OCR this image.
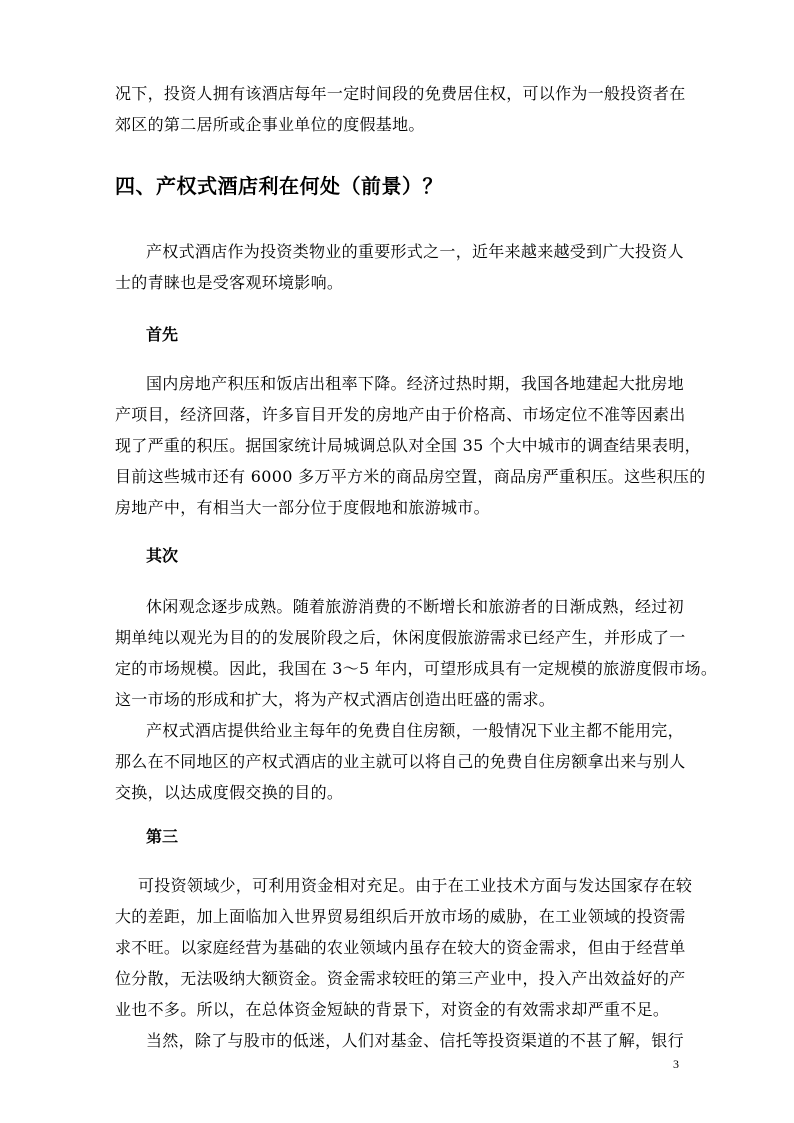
况下，投资人拥有该酒店每年一定时间段的免费居住权，可以作为一般投资者在
郊区的第二居所或企事业单位的度假基地。
四、产权式酒店利在何处（前景）？
产权式酒店作为投资类物业的重要形式之一，近年来越来越受到广大投资人
士的青睐也是受客观环境影响。
首先
国内房地产积压和饭店出租率下降。经济过热时期，我国各地建起大批房地
产项目，经济回落，许多盲目开发的房地产由于价格高、市场定位不准等因素出
现了严重的积压。据国家统计局城调总队对全国 35 个大中城市的调查结果表明，
目前这些城市还有 6000 多万平方米的商品房空置，商品房严重积压。这些积压的
房地产中，有相当大一部分位于度假地和旅游城市。
其次
休闲观念逐步成熟。随着旅游消费的不断增长和旅游者的日渐成熟，经过初
期单纯以观光为目的的发展阶段之后，休闲度假旅游需求已经产生，并形成了一
定的市场规模。因此，我国在 3～5 年内，可望形成具有一定规模的旅游度假市场。
这一市场的形成和扩大，将为产权式酒店创造出旺盛的需求。
产权式酒店提供给业主每年的免费自住房额，一般情况下业主都不能用完，
那么在不同地区的产权式酒店的业主就可以将自己的免费自住房额拿出来与别人
交换，以达成度假交换的目的。
第三
可投资领域少，可利用资金相对充足。由于在工业技术方面与发达国家存在较
大的差距，加上面临加入世界贸易组织后开放市场的威胁，在工业领域的投资需
求不旺。以家庭经营为基础的农业领域内虽存在较大的资金需求，但由于经营单
位分散，无法吸纳大额资金。资金需求较旺的第三产业中，投入产出效益好的产
业也不多。所以，在总体资金短缺的背景下，对资金的有效需求却严重不足。
当然，除了与股市的低迷，人们对基金、信托等投资渠道的不甚了解，银行
3
